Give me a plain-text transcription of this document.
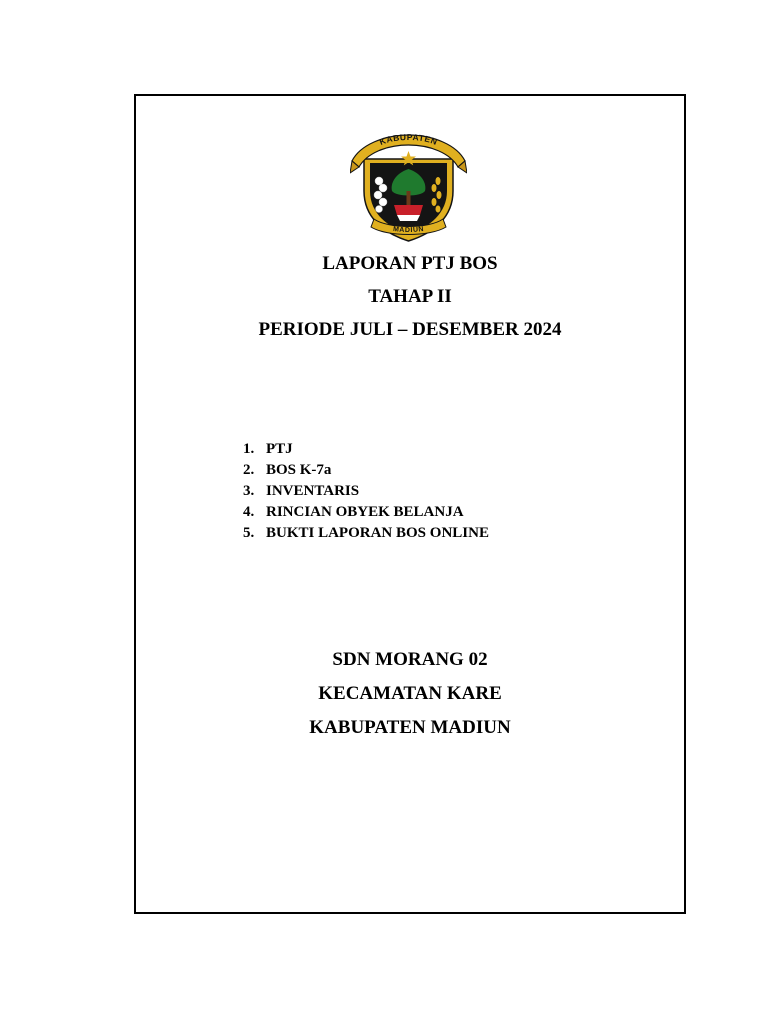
KABUPATEN
MADIUN
LAPORAN PTJ BOS
TAHAP II
PERIODE JULI – DESEMBER 2024
1. PTJ
2. BOS K-7a
3. INVENTARIS
4. RINCIAN OBYEK BELANJA
5. BUKTI LAPORAN BOS ONLINE
SDN MORANG 02
KECAMATAN KARE
KABUPATEN MADIUN
